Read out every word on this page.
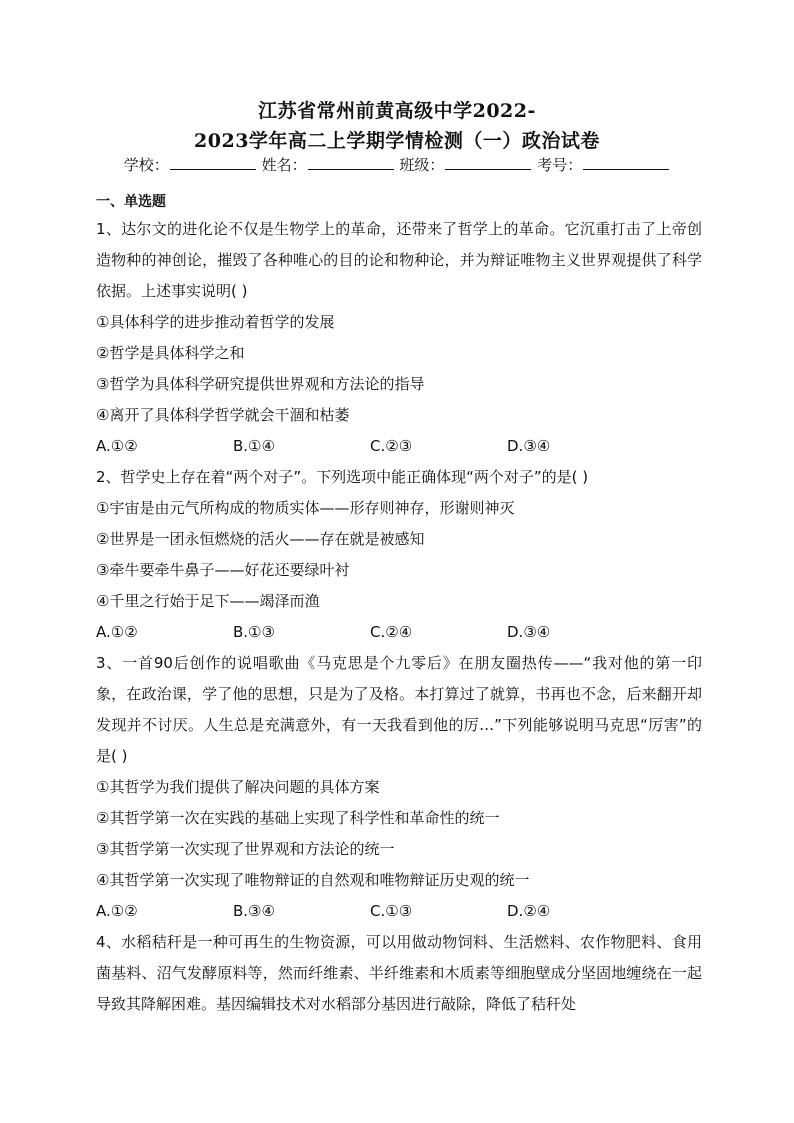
江苏省常州前黄高级中学2022-
2023学年高二上学期学情检测（一）政治试卷
学校：	姓名：	班级：	考号：
一、单选题
1、达尔文的进化论不仅是生物学上的革命，还带来了哲学上的革命。它沉重打击了上帝创造物种的神创论，摧毁了各种唯心的目的论和物种论，并为辩证唯物主义世界观提供了科学依据。上述事实说明( )
①具体科学的进步推动着哲学的发展
②哲学是具体科学之和
③哲学为具体科学研究提供世界观和方法论的指导
④离开了具体科学哲学就会干涸和枯萎
A.①②	B.①④	C.②③	D.③④
2、哲学史上存在着“两个对子”。下列选项中能正确体现“两个对子”的是( )
①宇宙是由元气所构成的物质实体——形存则神存，形谢则神灭
②世界是一团永恒燃烧的活火——存在就是被感知
③牵牛要牵牛鼻子——好花还要绿叶衬
④千里之行始于足下——竭泽而渔
A.①②	B.①③	C.②④	D.③④
3、一首90后创作的说唱歌曲《马克思是个九零后》在朋友圈热传——“我对他的第一印象，在政治课，学了他的思想，只是为了及格。本打算过了就算，书再也不念，后来翻开却发现并不讨厌。人生总是充满意外，有一天我看到他的厉…”下列能够说明马克思“厉害”的是( )
①其哲学为我们提供了解决问题的具体方案
②其哲学第一次在实践的基础上实现了科学性和革命性的统一
③其哲学第一次实现了世界观和方法论的统一
④其哲学第一次实现了唯物辩证的自然观和唯物辩证历史观的统一
A.①②	B.③④	C.①③	D.②④
4、水稻秸秆是一种可再生的生物资源，可以用做动物饲料、生活燃料、农作物肥料、食用菌基料、沼气发酵原料等，然而纤维素、半纤维素和木质素等细胞壁成分坚固地缠绕在一起导致其降解困难。基因编辑技术对水稻部分基因进行敲除，降低了秸秆处
